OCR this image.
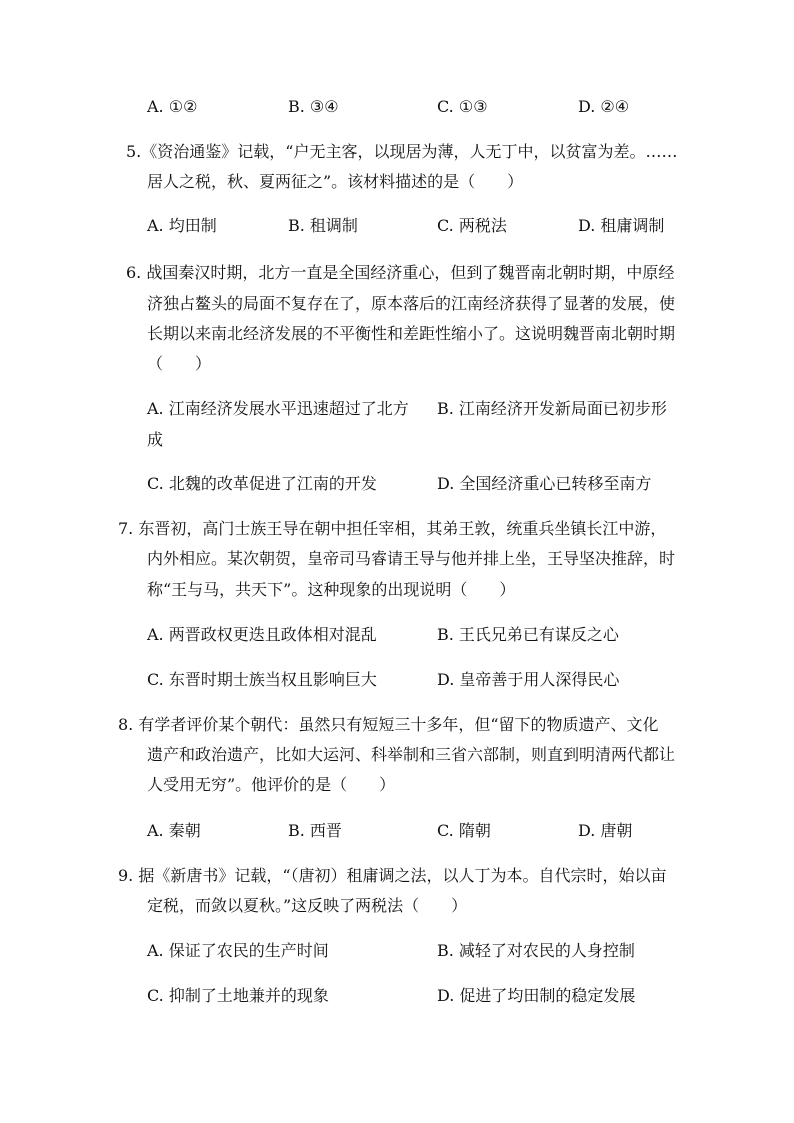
A. ①②	B. ③④	C. ①③	D. ②④
5.《资治通鉴》记载，“户无主客，以现居为薄，人无丁中，以贫富为差。……
居人之税，秋、夏两征之”。该材料描述的是（　　）
A. 均田制	B. 租调制	C. 两税法	D. 租庸调制
6. 战国秦汉时期，北方一直是全国经济重心，但到了魏晋南北朝时期，中原经
济独占鳌头的局面不复存在了，原本落后的江南经济获得了显著的发展，使
长期以来南北经济发展的不平衡性和差距性缩小了。这说明魏晋南北朝时期
（　　）
A. 江南经济发展水平迅速超过了北方 B. 江南经济开发新局面已初步形
成
C. 北魏的改革促进了江南的开发	D. 全国经济重心已转移至南方
7. 东晋初，高门士族王导在朝中担任宰相，其弟王敦，统重兵坐镇长江中游，
内外相应。某次朝贺，皇帝司马睿请王导与他并排上坐，王导坚决推辞，时
称“王与马，共天下”。这种现象的出现说明（　　）
A. 两晋政权更迭且政体相对混乱	B. 王氏兄弟已有谋反之心
C. 东晋时期士族当权且影响巨大	D. 皇帝善于用人深得民心
8. 有学者评价某个朝代：虽然只有短短三十多年，但“留下的物质遗产、文化
遗产和政治遗产，比如大运河、科举制和三省六部制，则直到明清两代都让
人受用无穷”。他评价的是（　　）
A. 秦朝	B. 西晋	C. 隋朝	D. 唐朝
9. 据《新唐书》记载，“（唐初）租庸调之法，以人丁为本。自代宗时，始以亩
定税，而敛以夏秋。”这反映了两税法（　　）
A. 保证了农民的生产时间	B. 减轻了对农民的人身控制
C. 抑制了土地兼并的现象	D. 促进了均田制的稳定发展
